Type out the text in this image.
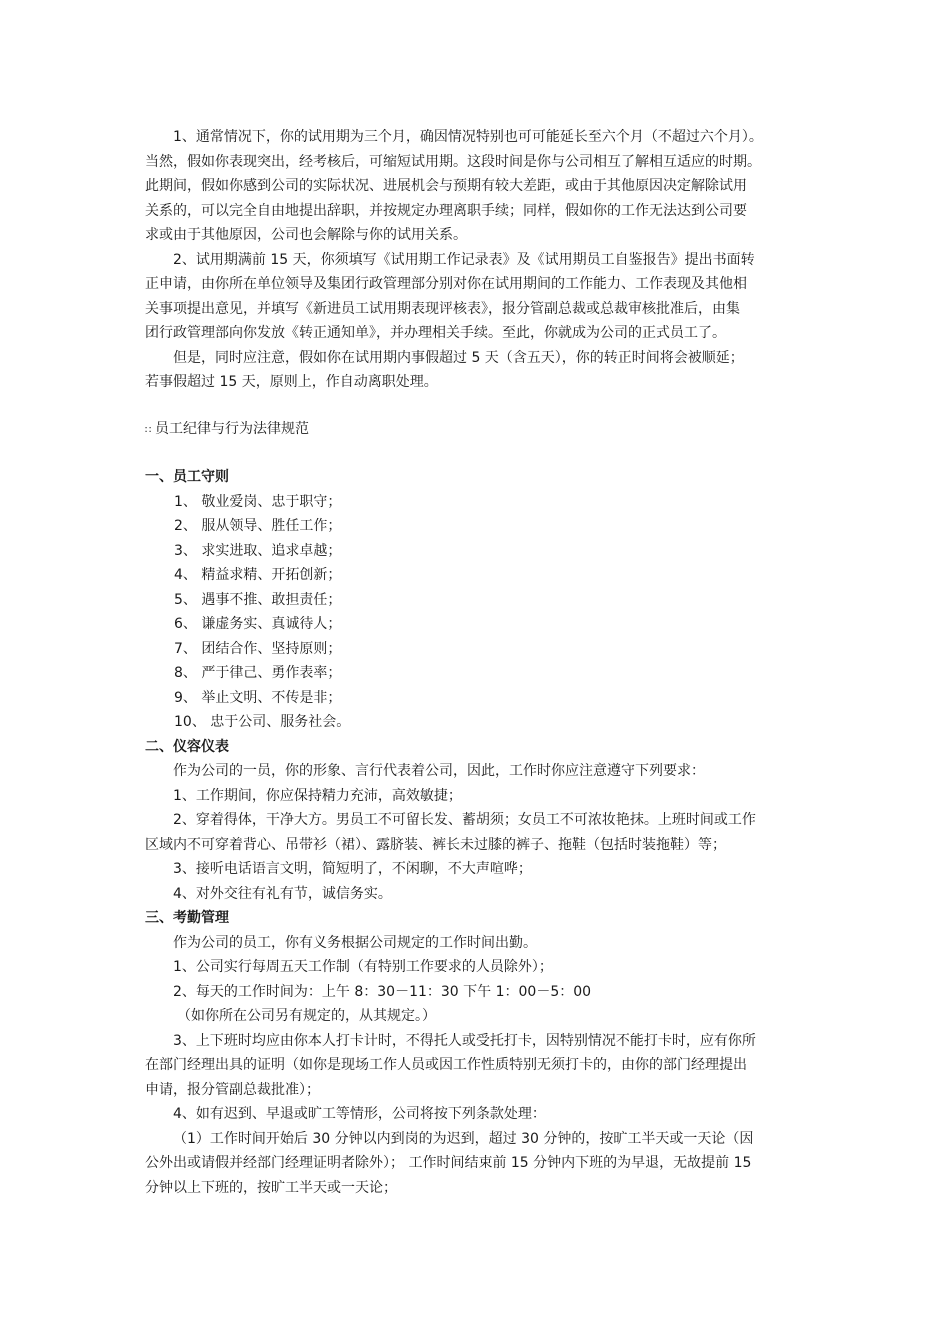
1、通常情况下，你的试用期为三个月，确因情况特别也可可能延长至六个月（不超过六个月）。

当然，假如你表现突出，经考核后，可缩短试用期。这段时间是你与公司相互了解相互适应的时期。

此期间，假如你感到公司的实际状况、进展机会与预期有较大差距，或由于其他原因决定解除试用

关系的，可以完全自由地提出辞职，并按规定办理离职手续；同样，假如你的工作无法达到公司要

求或由于其他原因，公司也会解除与你的试用关系。

2、试用期满前 15 天，你须填写《试用期工作记录表》及《试用期员工自鉴报告》提出书面转

正申请，由你所在单位领导及集团行政管理部分别对你在试用期间的工作能力、工作表现及其他相

关事项提出意见，并填写《新进员工试用期表现评核表》，报分管副总裁或总裁审核批准后，由集

团行政管理部向你发放《转正通知单》，并办理相关手续。至此，你就成为公司的正式员工了。

但是，同时应注意，假如你在试用期内事假超过 5 天（含五天），你的转正时间将会被顺延；

若事假超过 15 天，原则上，作自动离职处理。

∷ 员工纪律与行为法律规范

一、员工守则

1、 敬业爱岗、忠于职守；

2、 服从领导、胜任工作；

3、 求实进取、追求卓越；

4、 精益求精、开拓创新；

5、 遇事不推、敢担责任；

6、 谦虚务实、真诚待人；

7、 团结合作、坚持原则；

8、 严于律己、勇作表率；

9、 举止文明、不传是非；

10、 忠于公司、服务社会。

二、仪容仪表

作为公司的一员，你的形象、言行代表着公司，因此，工作时你应注意遵守下列要求：

1、工作期间，你应保持精力充沛，高效敏捷；

2、穿着得体，干净大方。男员工不可留长发、蓄胡须；女员工不可浓妆艳抹。上班时间或工作

区域内不可穿着背心、吊带衫（裙）、露脐装、裤长未过膝的裤子、拖鞋（包括时装拖鞋）等；

3、接听电话语言文明，简短明了，不闲聊，不大声喧哗；

4、对外交往有礼有节，诚信务实。

三、考勤管理

作为公司的员工，你有义务根据公司规定的工作时间出勤。

1、公司实行每周五天工作制（有特别工作要求的人员除外）；

2、每天的工作时间为：上午 8：30－11：30 下午 1：00－5：00

（如你所在公司另有规定的，从其规定。）

3、上下班时均应由你本人打卡计时，不得托人或受托打卡，因特别情况不能打卡时，应有你所

在部门经理出具的证明（如你是现场工作人员或因工作性质特别无须打卡的，由你的部门经理提出

申请，报分管副总裁批准）；

4、如有迟到、早退或旷工等情形，公司将按下列条款处理：

（1）工作时间开始后 30 分钟以内到岗的为迟到，超过 30 分钟的，按旷工半天或一天论（因

公外出或请假并经部门经理证明者除外）； 工作时间结束前 15 分钟内下班的为早退，无故提前 15

分钟以上下班的，按旷工半天或一天论；
